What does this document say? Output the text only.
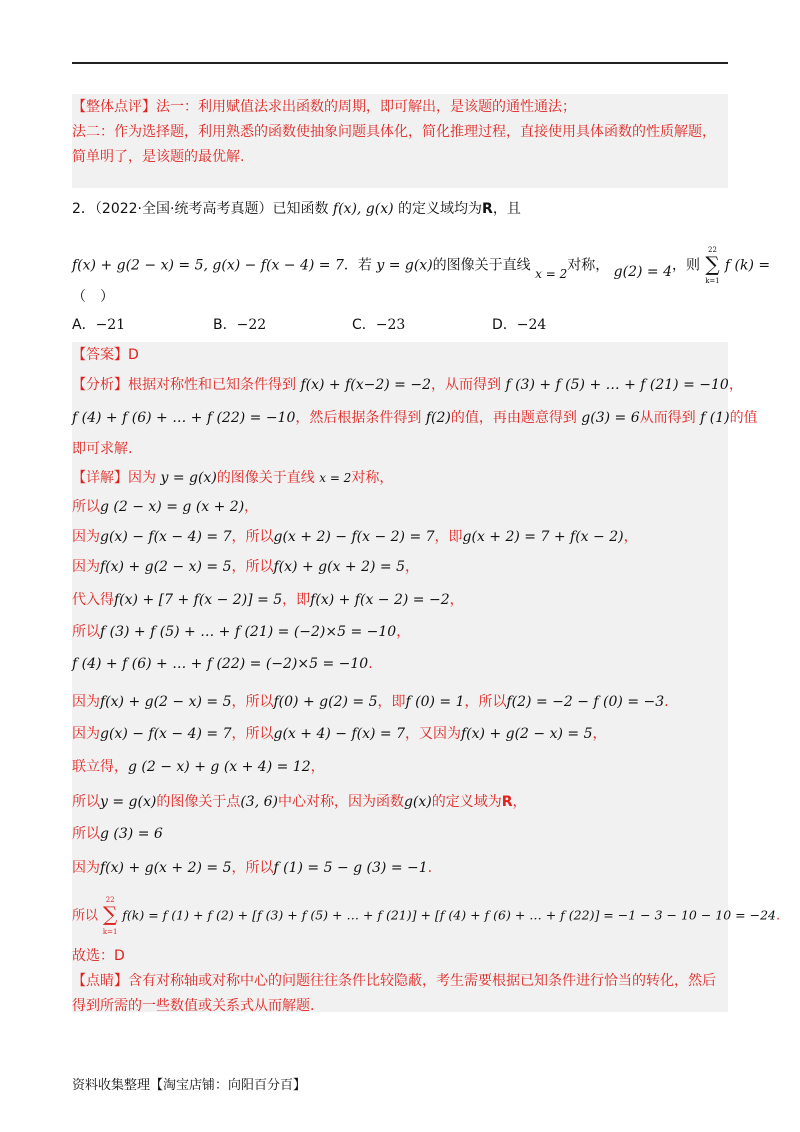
【整体点评】法一：利用赋值法求出函数的周期，即可解出，是该题的通性通法；
法二：作为选择题，利用熟悉的函数使抽象问题具体化，简化推理过程，直接使用具体函数的性质解题，
简单明了，是该题的最优解.
2．（2022·全国·统考高考真题）已知函数 f(x), g(x) 的定义域均为R，且
f(x) + g(2 − x) = 5, g(x) − f(x − 4) = 7．若 y = g(x)的图像关于直线 x = 2对称， g(2) = 4，则
22
∑
k=1
f (k) =
（　）
A．−21	B．−22	C．−23	D．−24
【答案】D
【分析】根据对称性和已知条件得到 f(x) + f(x−2) = −2，从而得到 f (3) + f (5) + … + f (21) = −10，
f (4) + f (6) + … + f (22) = −10，然后根据条件得到 f(2)的值，再由题意得到 g(3) = 6从而得到 f (1)的值
即可求解.
【详解】因为 y = g(x)的图像关于直线 x = 2对称，
所以g (2 − x) = g (x + 2)，
因为g(x) − f(x − 4) = 7，所以g(x + 2) − f(x − 2) = 7，即g(x + 2) = 7 + f(x − 2)，
因为f(x) + g(2 − x) = 5，所以f(x) + g(x + 2) = 5，
代入得f(x) + [7 + f(x − 2)] = 5，即f(x) + f(x − 2) = −2，
所以f (3) + f (5) + … + f (21) = (−2)×5 = −10，
f (4) + f (6) + … + f (22) = (−2)×5 = −10.
因为f(x) + g(2 − x) = 5，所以f(0) + g(2) = 5，即f (0) = 1，所以f(2) = −2 − f (0) = −3.
因为g(x) − f(x − 4) = 7，所以g(x + 4) − f(x) = 7，又因为f(x) + g(2 − x) = 5，
联立得，g (2 − x) + g (x + 4) = 12，
所以y = g(x)的图像关于点(3, 6)中心对称，因为函数g(x)的定义域为R，
所以g (3) = 6
因为f(x) + g(x + 2) = 5，所以f (1) = 5 − g (3) = −1.
所以
22
∑
k=1
f(k) = f (1) + f (2) + [f (3) + f (5) + … + f (21)] + [f (4) + f (6) + … + f (22)] = −1 − 3 − 10 − 10 = −24.
故选：D
【点睛】含有对称轴或对称中心的问题往往条件比较隐蔽，考生需要根据已知条件进行恰当的转化，然后
得到所需的一些数值或关系式从而解题.
资料收集整理【淘宝店铺：向阳百分百】
